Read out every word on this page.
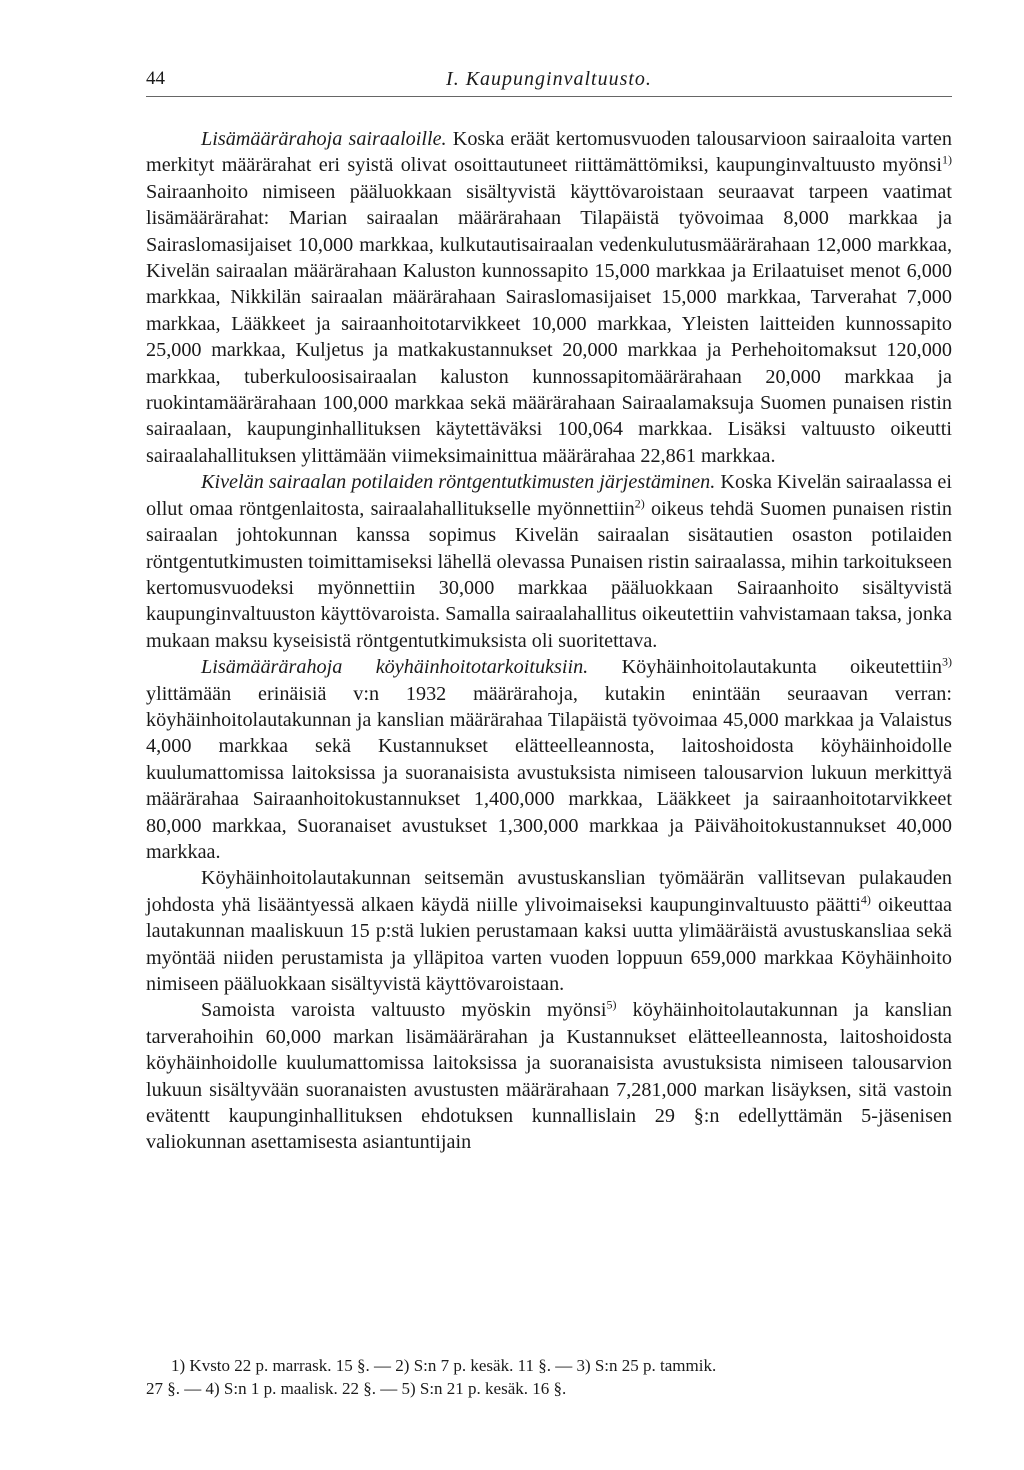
44	I. Kaupunginvaltuusto.

Lisämäärärahoja sairaaloille. Koska eräät kertomusvuoden talousarvioon sairaaloita varten merkityt määrärahat eri syistä olivat osoittautuneet riittämättömiksi, kaupunginvaltuusto myönsi$^{1)}$ Sairaanhoito nimiseen pääluokkaan sisältyvistä käyttövaroistaan seuraavat tarpeen vaatimat lisämäärärahat: Marian sairaalan määrärahaan Tilapäistä työvoimaa 8,000 markkaa ja Sairaslomasijaiset 10,000 markkaa, kulkutautisairaalan vedenkulutusmäärärahaan 12,000 markkaa, Kivelän sairaalan määrärahaan Kaluston kunnossapito 15,000 markkaa ja Erilaatuiset menot 6,000 markkaa, Nikkilän sairaalan määrärahaan Sairaslomasijaiset 15,000 markkaa, Tarverahat 7,000 markkaa, Lääkkeet ja sairaanhoitotarvikkeet 10,000 markkaa, Yleisten laitteiden kunnossapito 25,000 markkaa, Kuljetus ja matkakustannukset 20,000 markkaa ja Perhehoitomaksut 120,000 markkaa, tuberkuloosisairaalan kaluston kunnossapitomäärärahaan 20,000 markkaa ja ruokintamäärärahaan 100,000 markkaa sekä määrärahaan Sairaalamaksuja Suomen punaisen ristin sairaalaan, kaupunginhallituksen käytettäväksi 100,064 markkaa. Lisäksi valtuusto oikeutti sairaalahallituksen ylittämään viimeksimainittua määrärahaa 22,861 markkaa.

Kivelän sairaalan potilaiden röntgentutkimusten järjestäminen. Koska Kivelän sairaalassa ei ollut omaa röntgenlaitosta, sairaalahallitukselle myönnettiin$^{2)}$ oikeus tehdä Suomen punaisen ristin sairaalan johtokunnan kanssa sopimus Kivelän sairaalan sisätautien osaston potilaiden röntgentutkimusten toimittamiseksi lähellä olevassa Punaisen ristin sairaalassa, mihin tarkoitukseen kertomusvuodeksi myönnettiin 30,000 markkaa pääluokkaan Sairaanhoito sisältyvistä kaupunginvaltuuston käyttövaroista. Samalla sairaalahallitus oikeutettiin vahvistamaan taksa, jonka mukaan maksu kyseisistä röntgentutkimuksista oli suoritettava.

Lisämäärärahoja köyhäinhoitotarkoituksiin. Köyhäinhoitolautakunta oikeutettiin$^{3)}$ ylittämään erinäisiä v:n 1932 määrärahoja, kutakin enintään seuraavan verran: köyhäinhoitolautakunnan ja kanslian määrärahaa Tilapäistä työvoimaa 45,000 markkaa ja Valaistus 4,000 markkaa sekä Kustannukset elätteelleannosta, laitoshoidosta köyhäinhoidolle kuulumattomissa laitoksissa ja suoranaisista avustuksista nimiseen talousarvion lukuun merkittyä määrärahaa Sairaanhoitokustannukset 1,400,000 markkaa, Lääkkeet ja sairaanhoitotarvikkeet 80,000 markkaa, Suoranaiset avustukset 1,300,000 markkaa ja Päivähoitokustannukset 40,000 markkaa.

Köyhäinhoitolautakunnan seitsemän avustuskanslian työmäärän vallitsevan pulakauden johdosta yhä lisääntyessä alkaen käydä niille ylivoimaiseksi kaupunginvaltuusto päätti$^{4)}$ oikeuttaa lautakunnan maaliskuun 15 p:stä lukien perustamaan kaksi uutta ylimääräistä avustuskansliaa sekä myöntää niiden perustamista ja ylläpitoa varten vuoden loppuun 659,000 markkaa Köyhäinhoito nimiseen pääluokkaan sisältyvistä käyttövaroistaan.

Samoista varoista valtuusto myöskin myönsi$^{5)}$ köyhäinhoitolautakunnan ja kanslian tarverahoihin 60,000 markan lisämäärärahan ja Kustannukset elätteelleannosta, laitoshoidosta köyhäinhoidolle kuulumattomissa laitoksissa ja suoranaisista avustuksista nimiseen talousarvion lukuun sisältyvään suoranaisten avustusten määrärahaan 7,281,000 markan lisäyksen, sitä vastoin evätentt kaupunginhallituksen ehdotuksen kunnallislain 29 §:n edellyttämän 5-jäsenisen valiokunnan asettamisesta asiantuntijain

1) Kvsto 22 p. marrask. 15 §. — 2) S:n 7 p. kesäk. 11 §. — 3) S:n 25 p. tammik.
27 §. — 4) S:n 1 p. maalisk. 22 §. — 5) S:n 21 p. kesäk. 16 §.
